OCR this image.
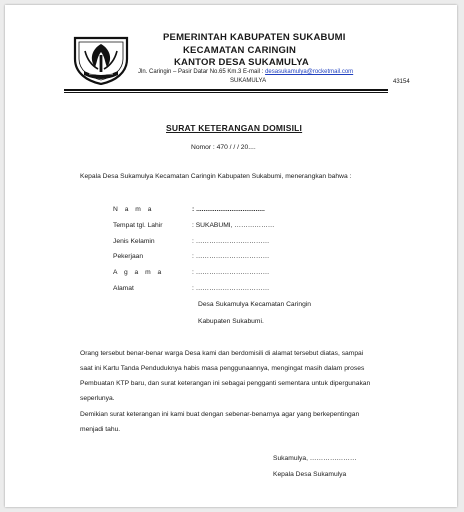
PEMERINTAH KABUPATEN SUKABUMI
KECAMATAN CARINGIN
KANTOR DESA SUKAMULYA
Jln. Caringin – Pasir Datar No.65 Km.3 E-mail : desasukamulya@rocketmail.com
SUKAMULYA	43154
SURAT KETERANGAN DOMISILI
Nomor : 470 / / / 20....
Kepala Desa Sukamulya Kecamatan Caringin Kabupaten Sukabumi, menerangkan bahwa :
N a m a	: .....................................
Tempat tgl. Lahir	: SUKABUMI, ………………
Jenis Kelamin	: ……………………………
Pekerjaan	: ……………………………
A g a m a	: ……………………………
Alamat	: ……………………………
Desa Sukamulya Kecamatan Caringin
Kabupaten Sukabumi.
Orang tersebut benar-benar warga Desa kami dan berdomisili di alamat tersebut diatas, sampai
saat ini Kartu Tanda Penduduknya habis masa penggunaannya, mengingat masih dalam proses
Pembuatan KTP baru, dan surat keterangan ini sebagai pengganti sementara untuk dipergunakan
seperlunya.
Demikian surat keterangan ini kami buat dengan sebenar-benarnya agar yang berkepentingan
menjadi tahu.
Sukamulya, …………………
Kepala Desa Sukamulya
